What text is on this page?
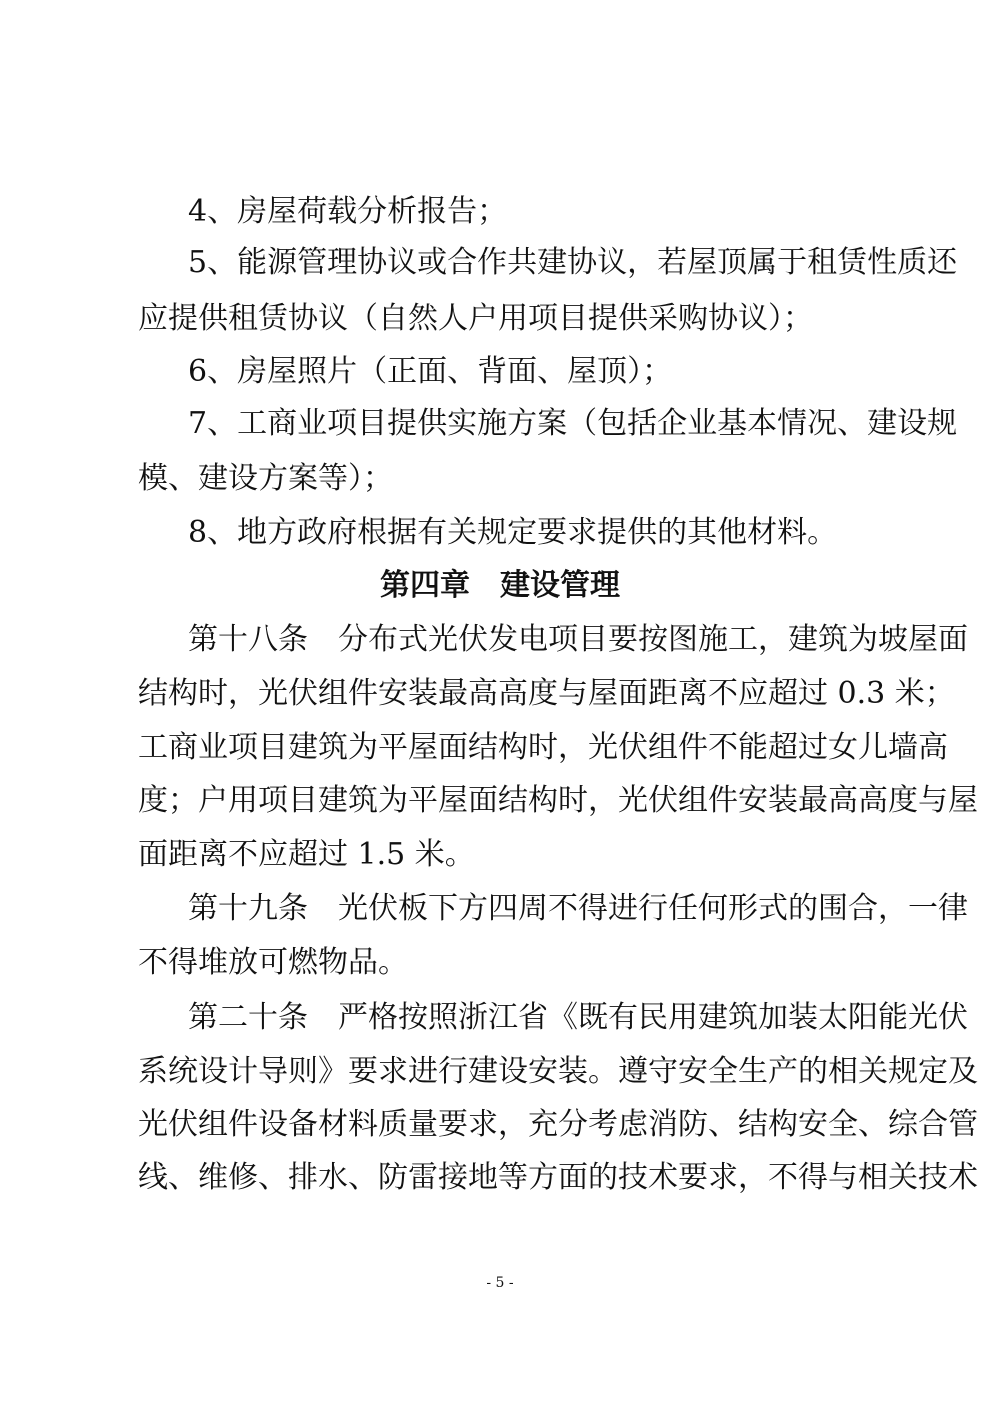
4、房屋荷载分析报告；
5、能源管理协议或合作共建协议，若屋顶属于租赁性质还
应提供租赁协议（自然人户用项目提供采购协议）；
6、房屋照片（正面、背面、屋顶）；
7、工商业项目提供实施方案（包括企业基本情况、建设规
模、建设方案等）；
8、地方政府根据有关规定要求提供的其他材料。
第四章　建设管理
第十八条　分布式光伏发电项目要按图施工，建筑为坡屋面
结构时，光伏组件安装最高高度与屋面距离不应超过 0.3 米；
工商业项目建筑为平屋面结构时，光伏组件不能超过女儿墙高
度；户用项目建筑为平屋面结构时，光伏组件安装最高高度与屋
面距离不应超过 1.5 米。
第十九条　光伏板下方四周不得进行任何形式的围合，一律
不得堆放可燃物品。
第二十条　严格按照浙江省《既有民用建筑加装太阳能光伏
系统设计导则》要求进行建设安装。遵守安全生产的相关规定及
光伏组件设备材料质量要求，充分考虑消防、结构安全、综合管
线、维修、排水、防雷接地等方面的技术要求，不得与相关技术
- 5 -
